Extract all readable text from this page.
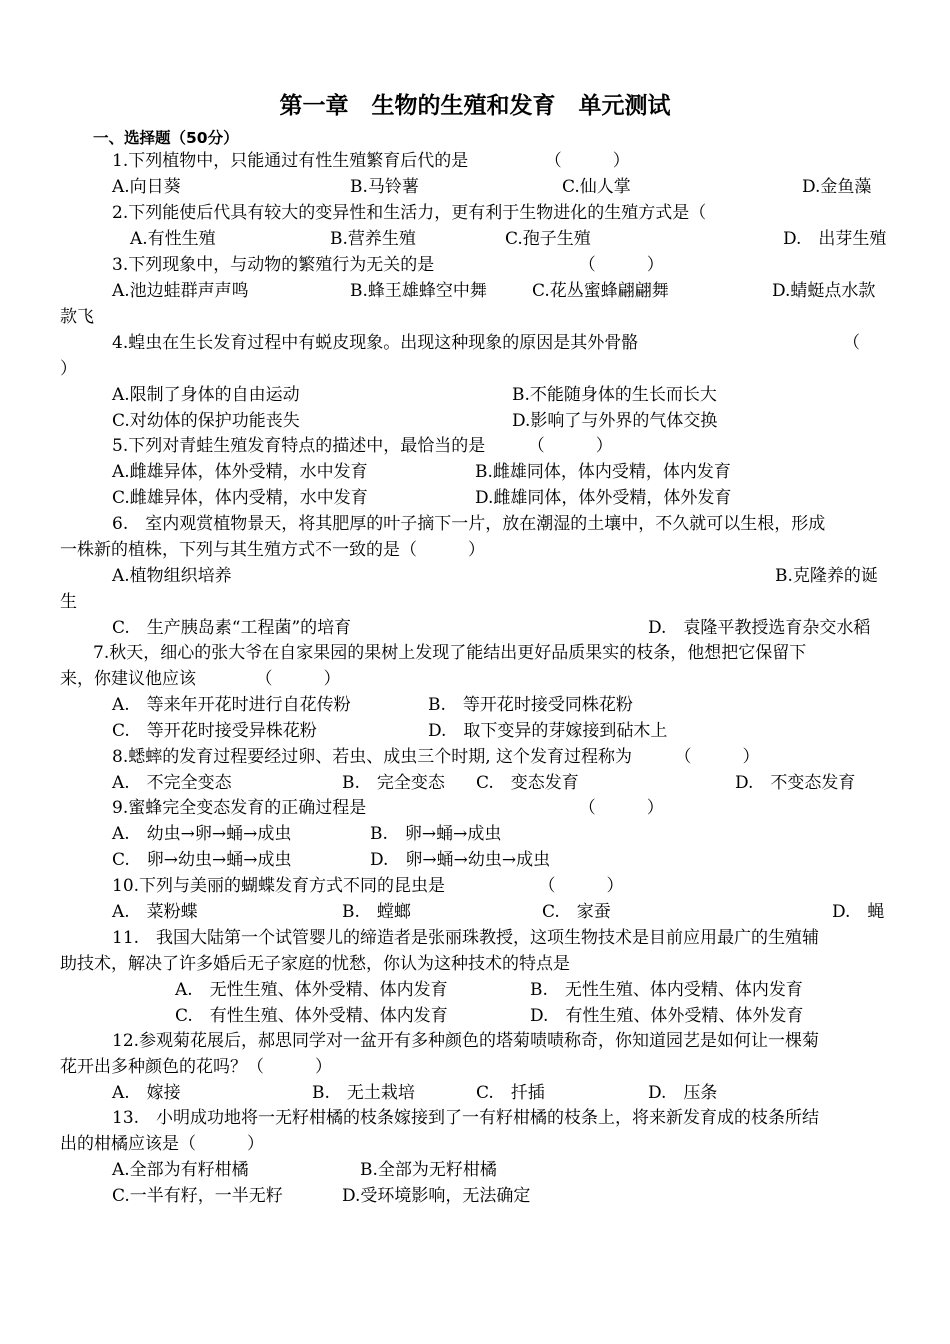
第一章　生物的生殖和发育　单元测试
一、选择题（50分）
1.下列植物中，只能通过有性生殖繁育后代的是　　　　　（　　　）
A.向日葵	B.马铃薯	C.仙人掌	D.金鱼藻
2.下列能使后代具有较大的变异性和生活力，更有利于生物进化的生殖方式是（
A.有性生殖	B.营养生殖	C.孢子生殖	D.　出芽生殖
3.下列现象中，与动物的繁殖行为无关的是　　　　　　　　　（　　　）
A.池边蛙群声声鸣	B.蜂王雄蜂空中舞	C.花丛蜜蜂翩翩舞	D.蜻蜓点水款
款飞
4.蝗虫在生长发育过程中有蜕皮现象。出现这种现象的原因是其外骨骼	（
）
A.限制了身体的自由运动	B.不能随身体的生长而长大
C.对幼体的保护功能丧失	D.影响了与外界的气体交换
5.下列对青蛙生殖发育特点的描述中，最恰当的是　　　（　　　）
A.雌雄异体，体外受精，水中发育	B.雌雄同体，体内受精，体内发育
C.雌雄异体，体内受精，水中发育	D.雌雄同体，体外受精，体外发育
6.　室内观赏植物景天，将其肥厚的叶子摘下一片，放在潮湿的土壤中，不久就可以生根，形成
一株新的植株，下列与其生殖方式不一致的是（　　　）
A.植物组织培养	B.克隆养的诞
生
C.　生产胰岛素“工程菌”的培育	D.　袁隆平教授选育杂交水稻
7.秋天，细心的张大爷在自家果园的果树上发现了能结出更好品质果实的枝条，他想把它保留下
来，你建议他应该　　　　（　　　）
A.　等来年开花时进行自花传粉	B.　等开花时接受同株花粉
C.　等开花时接受异株花粉	D.　取下变异的芽嫁接到砧木上
8.蟋蟀的发育过程要经过卵、若虫、成虫三个时期, 这个发育过程称为　　　（　　　）
A.　不完全变态	B.　完全变态 C.　变态发育	D.　不变态发育
9.蜜蜂完全变态发育的正确过程是　　　　　　　　　　　　　（　　　）
A.　幼虫→卵→蛹→成虫	B.　卵→蛹→成虫
C.　卵→幼虫→蛹→成虫	D.　卵→蛹→幼虫→成虫
10.下列与美丽的蝴蝶发育方式不同的昆虫是　　　　　　（　　　）
A.　菜粉蝶	B.　螳螂	C.　家蚕	D.　蝇
11.　我国大陆第一个试管婴儿的缔造者是张丽珠教授，这项生物技术是目前应用最广的生殖辅
助技术，解决了许多婚后无子家庭的忧愁，你认为这种技术的特点是
A.　无性生殖、体外受精、体内发育	B.　无性生殖、体内受精、体内发育
C.　有性生殖、体外受精、体内发育	D.　有性生殖、体外受精、体外发育
12.参观菊花展后，郝思同学对一盆开有多种颜色的塔菊啧啧称奇，你知道园艺是如何让一棵菊
花开出多种颜色的花吗？（　　　）
A.　嫁接	B.　无土栽培	C.　扦插	D.　压条
13.　小明成功地将一无籽柑橘的枝条嫁接到了一有籽柑橘的枝条上，将来新发育成的枝条所结
出的柑橘应该是（　　　）
A.全部为有籽柑橘	B.全部为无籽柑橘
C.一半有籽，一半无籽	D.受环境影响，无法确定
